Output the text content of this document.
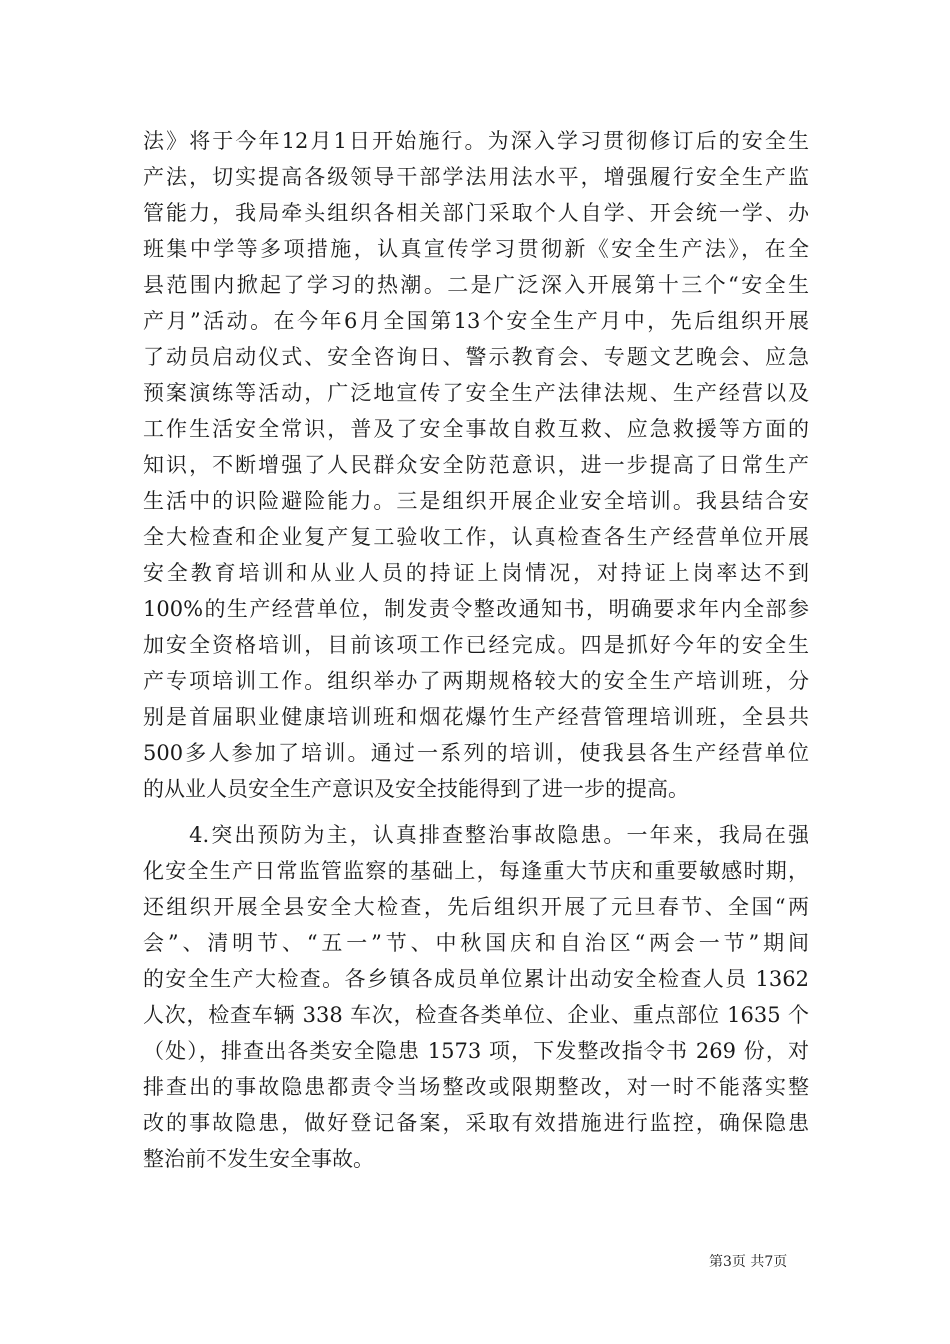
法》将于今年12月1日开始施行。为深入学习贯彻修订后的安全生
产法，切实提高各级领导干部学法用法水平，增强履行安全生产监
管能力，我局牵头组织各相关部门采取个人自学、开会统一学、办
班集中学等多项措施，认真宣传学习贯彻新《安全生产法》，在全
县范围内掀起了学习的热潮。二是广泛深入开展第十三个“安全生
产月”活动。在今年6月全国第13个安全生产月中，先后组织开展
了动员启动仪式、安全咨询日、警示教育会、专题文艺晚会、应急
预案演练等活动，广泛地宣传了安全生产法律法规、生产经营以及
工作生活安全常识，普及了安全事故自救互救、应急救援等方面的
知识，不断增强了人民群众安全防范意识，进一步提高了日常生产
生活中的识险避险能力。三是组织开展企业安全培训。我县结合安
全大检查和企业复产复工验收工作，认真检查各生产经营单位开展
安全教育培训和从业人员的持证上岗情况，对持证上岗率达不到
100%的生产经营单位，制发责令整改通知书，明确要求年内全部参
加安全资格培训，目前该项工作已经完成。四是抓好今年的安全生
产专项培训工作。组织举办了两期规格较大的安全生产培训班，分
别是首届职业健康培训班和烟花爆竹生产经营管理培训班，全县共
500多人参加了培训。通过一系列的培训，使我县各生产经营单位
的从业人员安全生产意识及安全技能得到了进一步的提高。
　　4.突出预防为主，认真排查整治事故隐患。一年来，我局在强
化安全生产日常监管监察的基础上，每逢重大节庆和重要敏感时期，
还组织开展全县安全大检查，先后组织开展了元旦春节、全国“两
会”、清明节、“五一”节、中秋国庆和自治区“两会一节”期间
的安全生产大检查。各乡镇各成员单位累计出动安全检查人员 1362
人次，检查车辆 338 车次，检查各类单位、企业、重点部位 1635 个
（处），排查出各类安全隐患 1573 项，下发整改指令书 269 份，对
排查出的事故隐患都责令当场整改或限期整改，对一时不能落实整
改的事故隐患，做好登记备案，采取有效措施进行监控，确保隐患
整治前不发生安全事故。
第3页 共7页
